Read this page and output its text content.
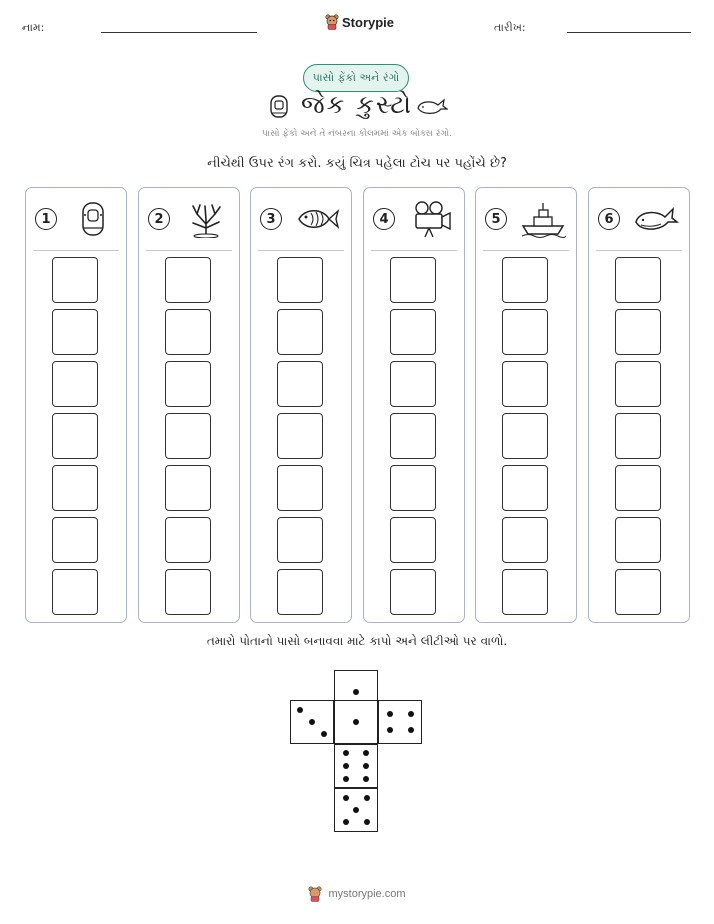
નામ:	Storypie	તારીખ:
પાસો ફેંકો અને રંગો
જેક કુસ્ટો
પાસો ફેંકો અને તે નંબરના કોલમમાં એક બોક્સ રંગો.
નીચેથી ઉપર રંગ કરો. કયું ચિત્ર પહેલા ટોચ પર પહોંચે છે?
1	2	3	4	5	6
તમારો પોતાનો પાસો બનાવવા માટે કાપો અને લીટીઓ પર વાળો.
mystorypie.com
